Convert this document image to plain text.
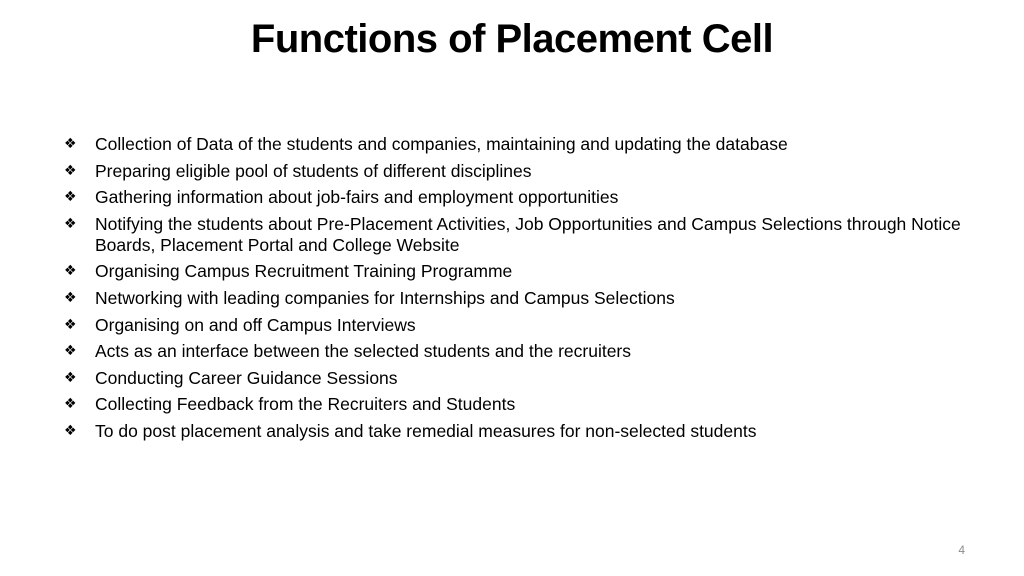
Functions of Placement Cell
❖	Collection of Data of the students and companies, maintaining and updating the database
❖	Preparing eligible pool of students of different disciplines
❖	Gathering information about job-fairs and employment opportunities
❖	Notifying the students about Pre-Placement Activities, Job Opportunities and Campus Selections through Notice Boards, Placement Portal and College Website
❖	Organising Campus Recruitment Training Programme
❖	Networking with leading companies for Internships and Campus Selections
❖	Organising on and off Campus Interviews
❖	Acts as an interface between the selected students and the recruiters
❖	Conducting Career Guidance Sessions
❖	Collecting Feedback from the Recruiters and Students
❖	To do post placement analysis and take remedial measures for non-selected students
4
